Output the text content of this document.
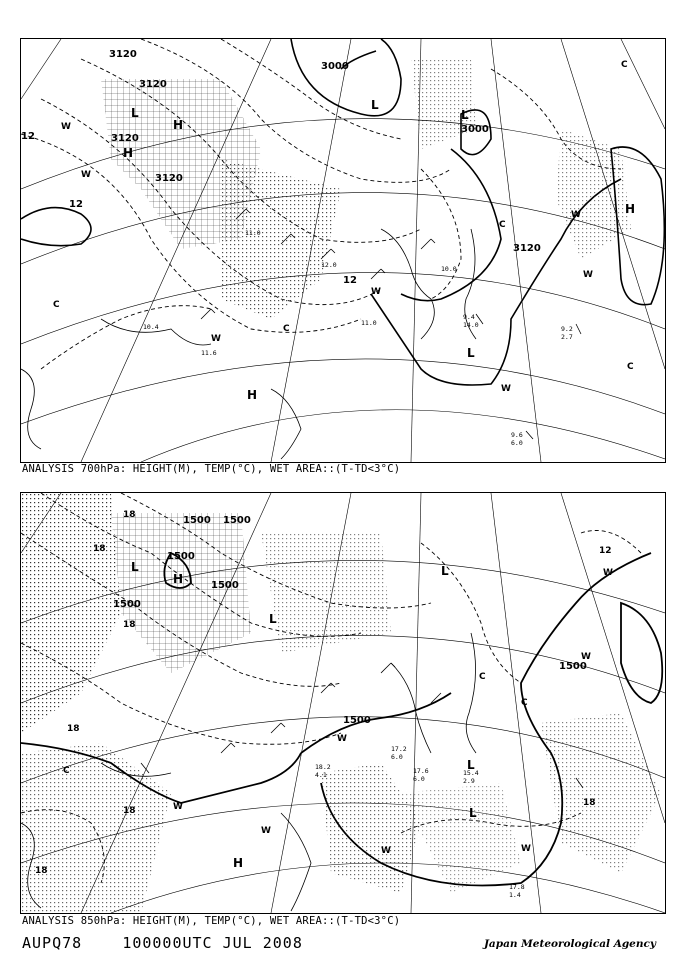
3120
3120
3120
3120
3000
3000
3120
12
12
12
L
H
H
L
H
H
L
L
W
W
C
W
C
W
W
C
C
W
W
C
10.4
11.0
12.0
9.4
14.0	9.2
2.7
9.6
6.0
11.6
10.0
11.0
ANALYSIS 700hPa: HEIGHT(M), TEMP(°C), WET AREA::(T-TD<3°C)
1500 1500
1500
1500
1500
1500
1500
18
18
18
18
18
18
18
12
L
H
L
L
H
L
L
C
W
W
C
W
W
C
W	W
W
17.6
6.0
15.4
2.9
17.8
1.4
18.2
4.1
17.2
6.0
ANALYSIS 850hPa: HEIGHT(M), TEMP(°C), WET AREA::(T-TD<3°C)
AUPQ78	100000UTC JUL 2008	Japan Meteorological Agency
